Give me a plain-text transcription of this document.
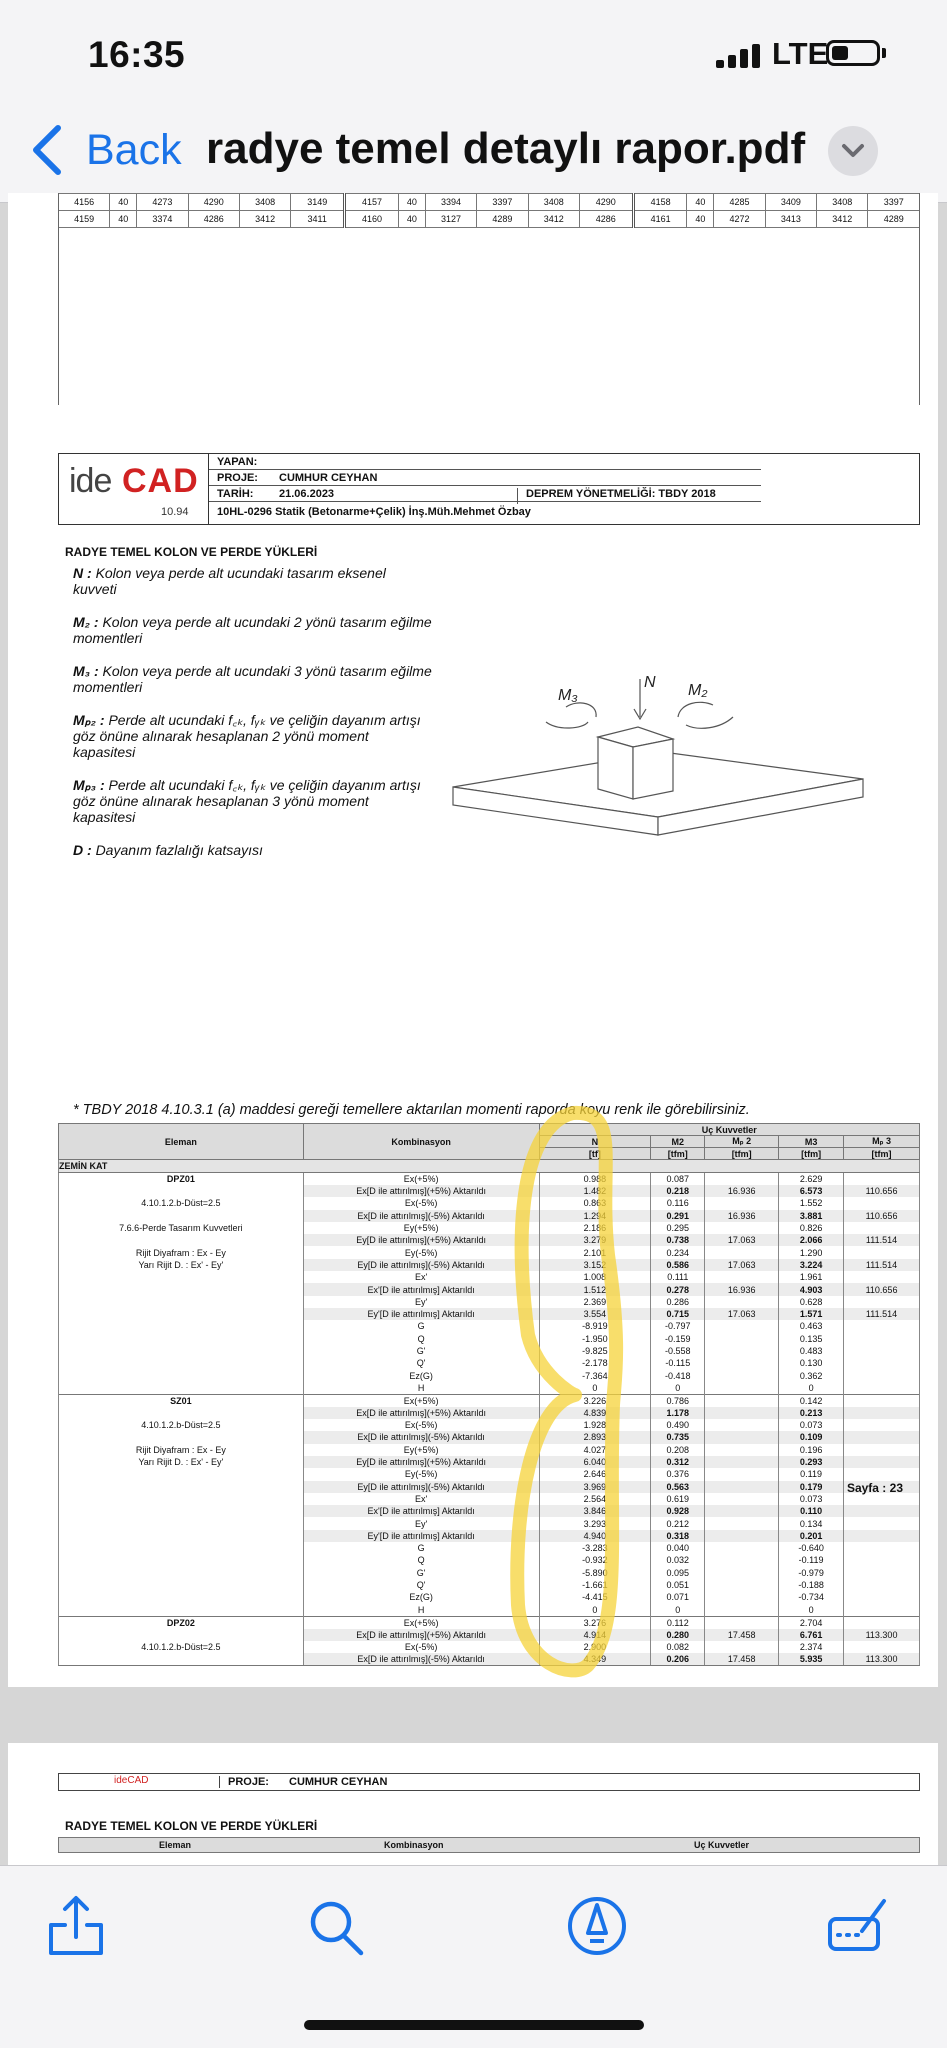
16:35	LTE
Back radye temel detaylı rapor.pdf
4156	40	4273	4290	3408	3149	4157	40	3394	3397	3408	4290	4158	40	4285	3409	3408	3397
4159	40	3374	4286	3412	3411	4160	40	3127	4289	3412	4286	4161	40	4272	3413	3412	4289
ide CAD
10.94
YAPAN:
PROJE: CUMHUR CEYHAN
TARİH: 21.06.2023	DEPREM YÖNETMELİĞİ: TBDY 2018
10HL-0296 Statik (Betonarme+Çelik) İnş.Müh.Mehmet Özbay
RADYE TEMEL KOLON VE PERDE YÜKLERİ

N : Kolon veya perde alt ucundaki tasarım eksenel kuvveti

M₂ : Kolon veya perde alt ucundaki 2 yönü tasarım eğilme momentleri

M₃ : Kolon veya perde alt ucundaki 3 yönü tasarım eğilme momentleri

Mₚ₂ : Perde alt ucundaki f꜀ₖ, fᵧₖ ve çeliğin dayanım artışı göz önüne alınarak hesaplanan 2 yönü moment kapasitesi

Mₚ₃ : Perde alt ucundaki f꜀ₖ, fᵧₖ ve çeliğin dayanım artışı göz önüne alınarak hesaplanan 3 yönü moment kapasitesi

D : Dayanım fazlalığı katsayısı

N
M₃	M₂
* TBDY 2018 4.10.3.1 (a) maddesi gereği temellere aktarılan momenti raporda koyu renk ile görebilirsiniz.
Eleman	Kombinasyon	Uç Kuvvetler				
		N	M2	Mₚ 2	M3	Mₚ 3
		[tf]	[tfm]	[tfm]	[tfm]	[tfm]
ZEMİN KAT						
DPZ01	Ex(+5%)	0.988	0.087		2.629	
	Ex[D ile attırılmış](+5%) Aktarıldı	1.482	0.218	16.936	6.573	110.656
4.10.1.2.b-Düst=2.5	Ex(-5%)	0.863	0.116		1.552	
	Ex[D ile attırılmış](-5%) Aktarıldı	1.294	0.291	16.936	3.881	110.656
7.6.6-Perde Tasarım Kuvvetleri	Ey(+5%)	2.186	0.295		0.826	
	Ey[D ile attırılmış](+5%) Aktarıldı	3.279	0.738	17.063	2.066	111.514
Rijit Diyafram : Ex - Ey	Ey(-5%)	2.101	0.234		1.290	
Yarı Rijit D. : Ex' - Ey'	Ey[D ile attırılmış](-5%) Aktarıldı	3.152	0.586	17.063	3.224	111.514
	Ex'	1.008	0.111		1.961	
	Ex'[D ile attırılmış] Aktarıldı	1.512	0.278	16.936	4.903	110.656
	Ey'	2.369	0.286		0.628	
	Ey'[D ile attırılmış] Aktarıldı	3.554	0.715	17.063	1.571	111.514
	G	-8.919	-0.797		0.463	
	Q	-1.950	-0.159		0.135	
	G'	-9.825	-0.558		0.483	
	Q'	-2.178	-0.115		0.130	
	Ez(G)	-7.364	-0.418		0.362	
	H	0	0		0	
SZ01	Ex(+5%)	3.226	0.786		0.142	
	Ex[D ile attırılmış](+5%) Aktarıldı	4.839	1.178		0.213	
4.10.1.2.b-Düst=2.5	Ex(-5%)	1.928	0.490		0.073	
	Ex[D ile attırılmış](-5%) Aktarıldı	2.893	0.735		0.109	
Rijit Diyafram : Ex - Ey	Ey(+5%)	4.027	0.208		0.196	
Yarı Rijit D. : Ex' - Ey'	Ey[D ile attırılmış](+5%) Aktarıldı	6.040	0.312		0.293	
	Ey(-5%)	2.646	0.376		0.119	
	Ey[D ile attırılmış](-5%) Aktarıldı	3.969	0.563		0.179	
	Ex'	2.564	0.619		0.073	
	Ex'[D ile attırılmış] Aktarıldı	3.846	0.928		0.110	
	Ey'	3.293	0.212		0.134	
	Ey'[D ile attırılmış] Aktarıldı	4.940	0.318		0.201	
	G	-3.283	0.040		-0.640	
	Q	-0.932	0.032		-0.119	
	G'	-5.890	0.095		-0.979	
	Q'	-1.661	0.051		-0.188	
	Ez(G)	-4.415	0.071		-0.734	
	H	0	0		0	
DPZ02	Ex(+5%)	3.276	0.112		2.704	
	Ex[D ile attırılmış](+5%) Aktarıldı	4.914	0.280	17.458	6.761	113.300
4.10.1.2.b-Düst=2.5	Ex(-5%)	2.900	0.082		2.374	
	Ex[D ile attırılmış](-5%) Aktarıldı	4.349	0.206	17.458	5.935	113.300
Sayfa : 23
ideCAD	PROJE: CUMHUR CEYHAN
RADYE TEMEL KOLON VE PERDE YÜKLERİ
Eleman	Kombinasyon	Uç Kuvvetler
